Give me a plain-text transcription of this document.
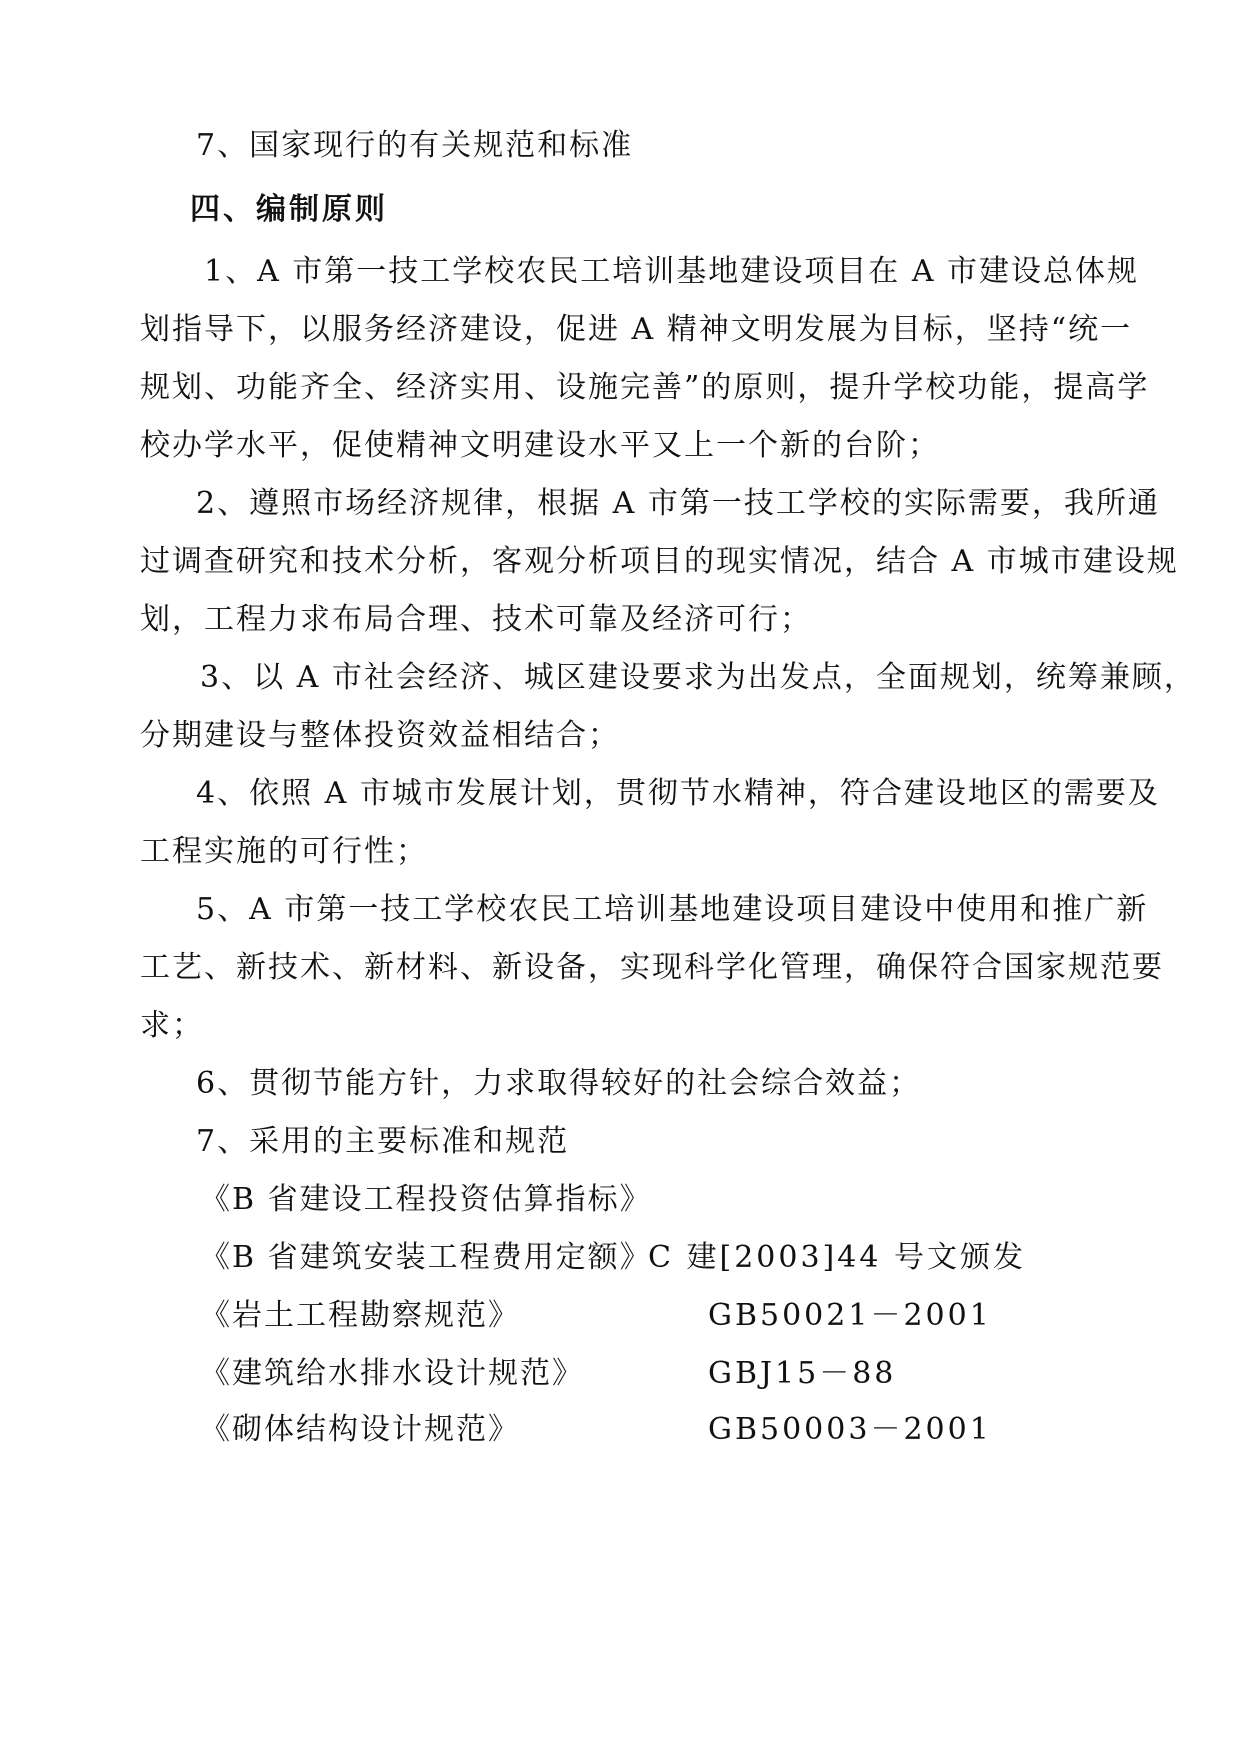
7、国家现行的有关规范和标准
四、编制原则
1、A 市第一技工学校农民工培训基地建设项目在 A 市建设总体规
划指导下，以服务经济建设，促进 A 精神文明发展为目标，坚持“统一
规划、功能齐全、经济实用、设施完善”的原则，提升学校功能，提高学
校办学水平，促使精神文明建设水平又上一个新的台阶；
2、遵照市场经济规律，根据 A 市第一技工学校的实际需要，我所通
过调查研究和技术分析，客观分析项目的现实情况，结合 A 市城市建设规
划，工程力求布局合理、技术可靠及经济可行；
3、以 A 市社会经济、城区建设要求为出发点，全面规划，统筹兼顾，
分期建设与整体投资效益相结合；
4、依照 A 市城市发展计划，贯彻节水精神，符合建设地区的需要及
工程实施的可行性；
5、A 市第一技工学校农民工培训基地建设项目建设中使用和推广新
工艺、新技术、新材料、新设备，实现科学化管理，确保符合国家规范要
求；
6、贯彻节能方针，力求取得较好的社会综合效益；
7、采用的主要标准和规范
《B 省建设工程投资估算指标》
《B 省建筑安装工程费用定额》
C 建[2003]44 号文颁发
《岩土工程勘察规范》	GB50021－2001
《建筑给水排水设计规范》	GBJ15－88
《砌体结构设计规范》	GB50003－2001
